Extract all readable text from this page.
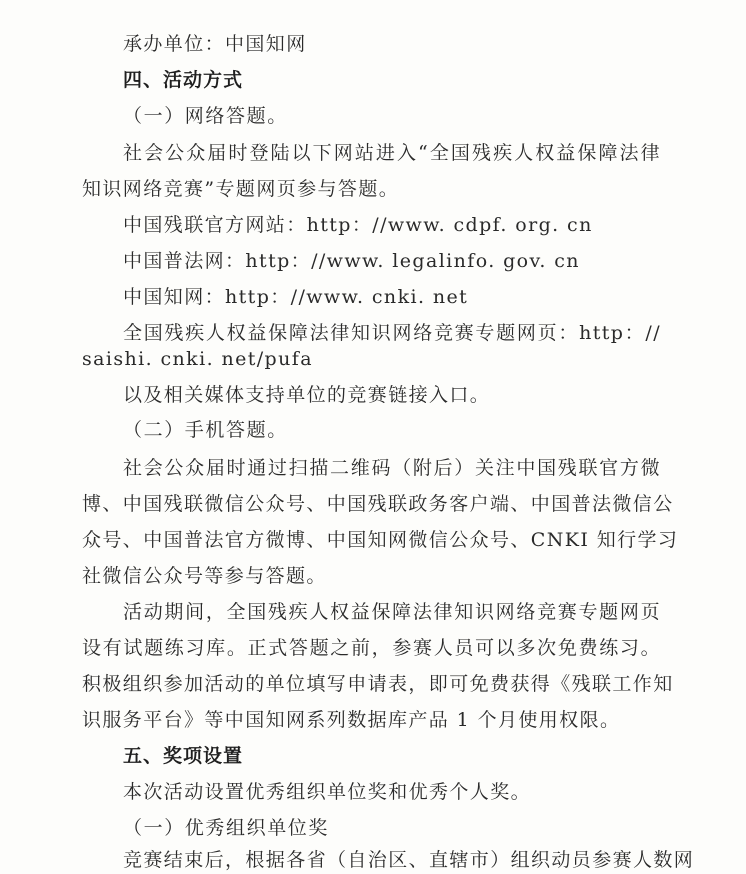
承办单位：中国知网
四、活动方式
（一）网络答题。
社会公众届时登陆以下网站进入“全国残疾人权益保障法律
知识网络竞赛”专题网页参与答题。
中国残联官方网站：http：//www. cdpf. org. cn
中国普法网：http：//www. legalinfo. gov. cn
中国知网：http：//www. cnki. net
全国残疾人权益保障法律知识网络竞赛专题网页：http：//
saishi. cnki. net/pufa
以及相关媒体支持单位的竞赛链接入口。
（二）手机答题。
社会公众届时通过扫描二维码（附后）关注中国残联官方微
博、中国残联微信公众号、中国残联政务客户端、中国普法微信公
众号、中国普法官方微博、中国知网微信公众号、CNKI 知行学习
社微信公众号等参与答题。
活动期间，全国残疾人权益保障法律知识网络竞赛专题网页
设有试题练习库。正式答题之前，参赛人员可以多次免费练习。
积极组织参加活动的单位填写申请表，即可免费获得《残联工作知
识服务平台》等中国知网系列数据库产品 1 个月使用权限。
五、奖项设置
本次活动设置优秀组织单位奖和优秀个人奖。
（一）优秀组织单位奖
竞赛结束后，根据各省（自治区、直辖市）组织动员参赛人数网
